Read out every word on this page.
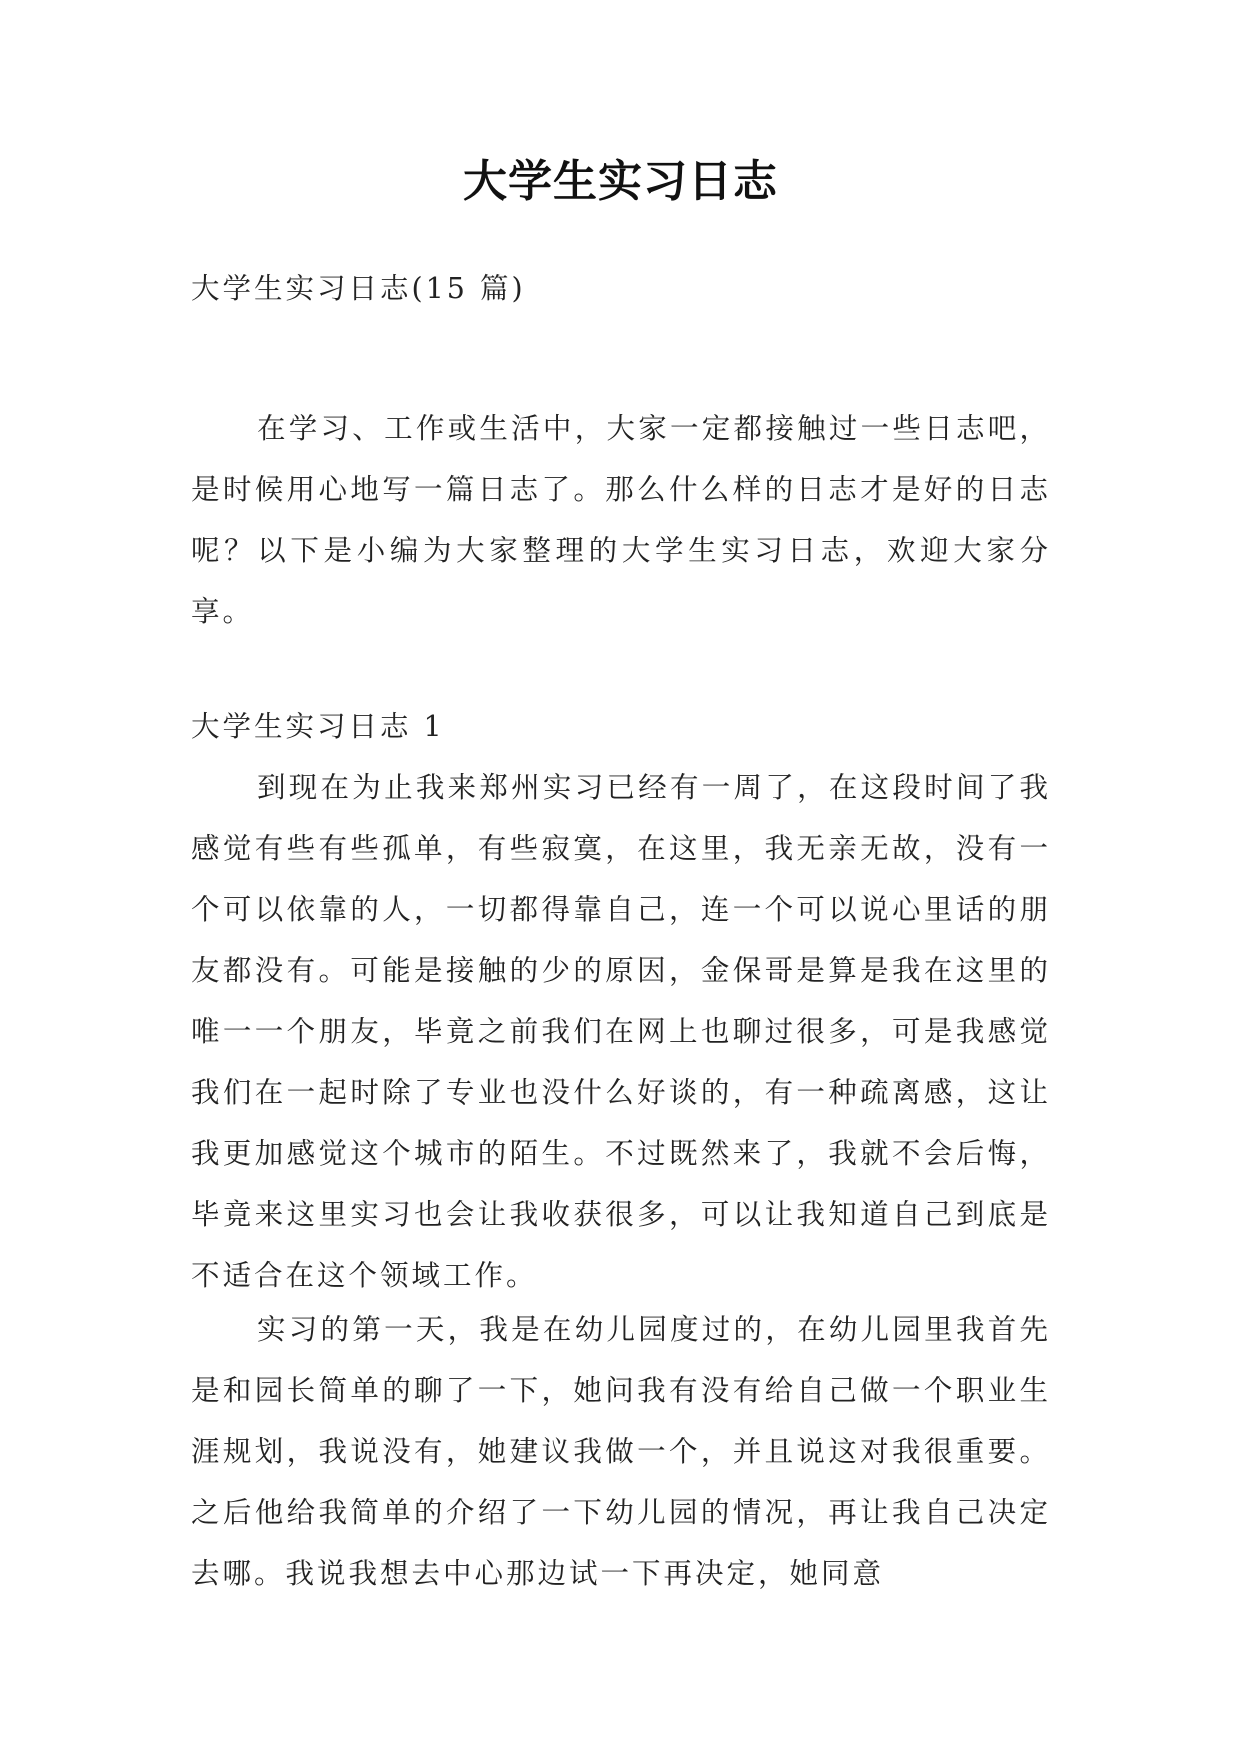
大学生实习日志

大学生实习日志(15 篇)

在学习、工作或生活中，大家一定都接触过一些日志吧，是时候用心地写一篇日志了。那么什么样的日志才是好的日志呢？以下是小编为大家整理的大学生实习日志，欢迎大家分享。

大学生实习日志 1

到现在为止我来郑州实习已经有一周了，在这段时间了我感觉有些有些孤单，有些寂寞，在这里，我无亲无故，没有一个可以依靠的人，一切都得靠自己，连一个可以说心里话的朋友都没有。可能是接触的少的原因，金保哥是算是我在这里的唯一一个朋友，毕竟之前我们在网上也聊过很多，可是我感觉我们在一起时除了专业也没什么好谈的，有一种疏离感，这让我更加感觉这个城市的陌生。不过既然来了，我就不会后悔，毕竟来这里实习也会让我收获很多，可以让我知道自己到底是不适合在这个领域工作。

实习的第一天，我是在幼儿园度过的，在幼儿园里我首先是和园长简单的聊了一下，她问我有没有给自己做一个职业生涯规划，我说没有，她建议我做一个，并且说这对我很重要。之后他给我简单的介绍了一下幼儿园的情况，再让我自己决定去哪。我说我想去中心那边试一下再决定，她同意
